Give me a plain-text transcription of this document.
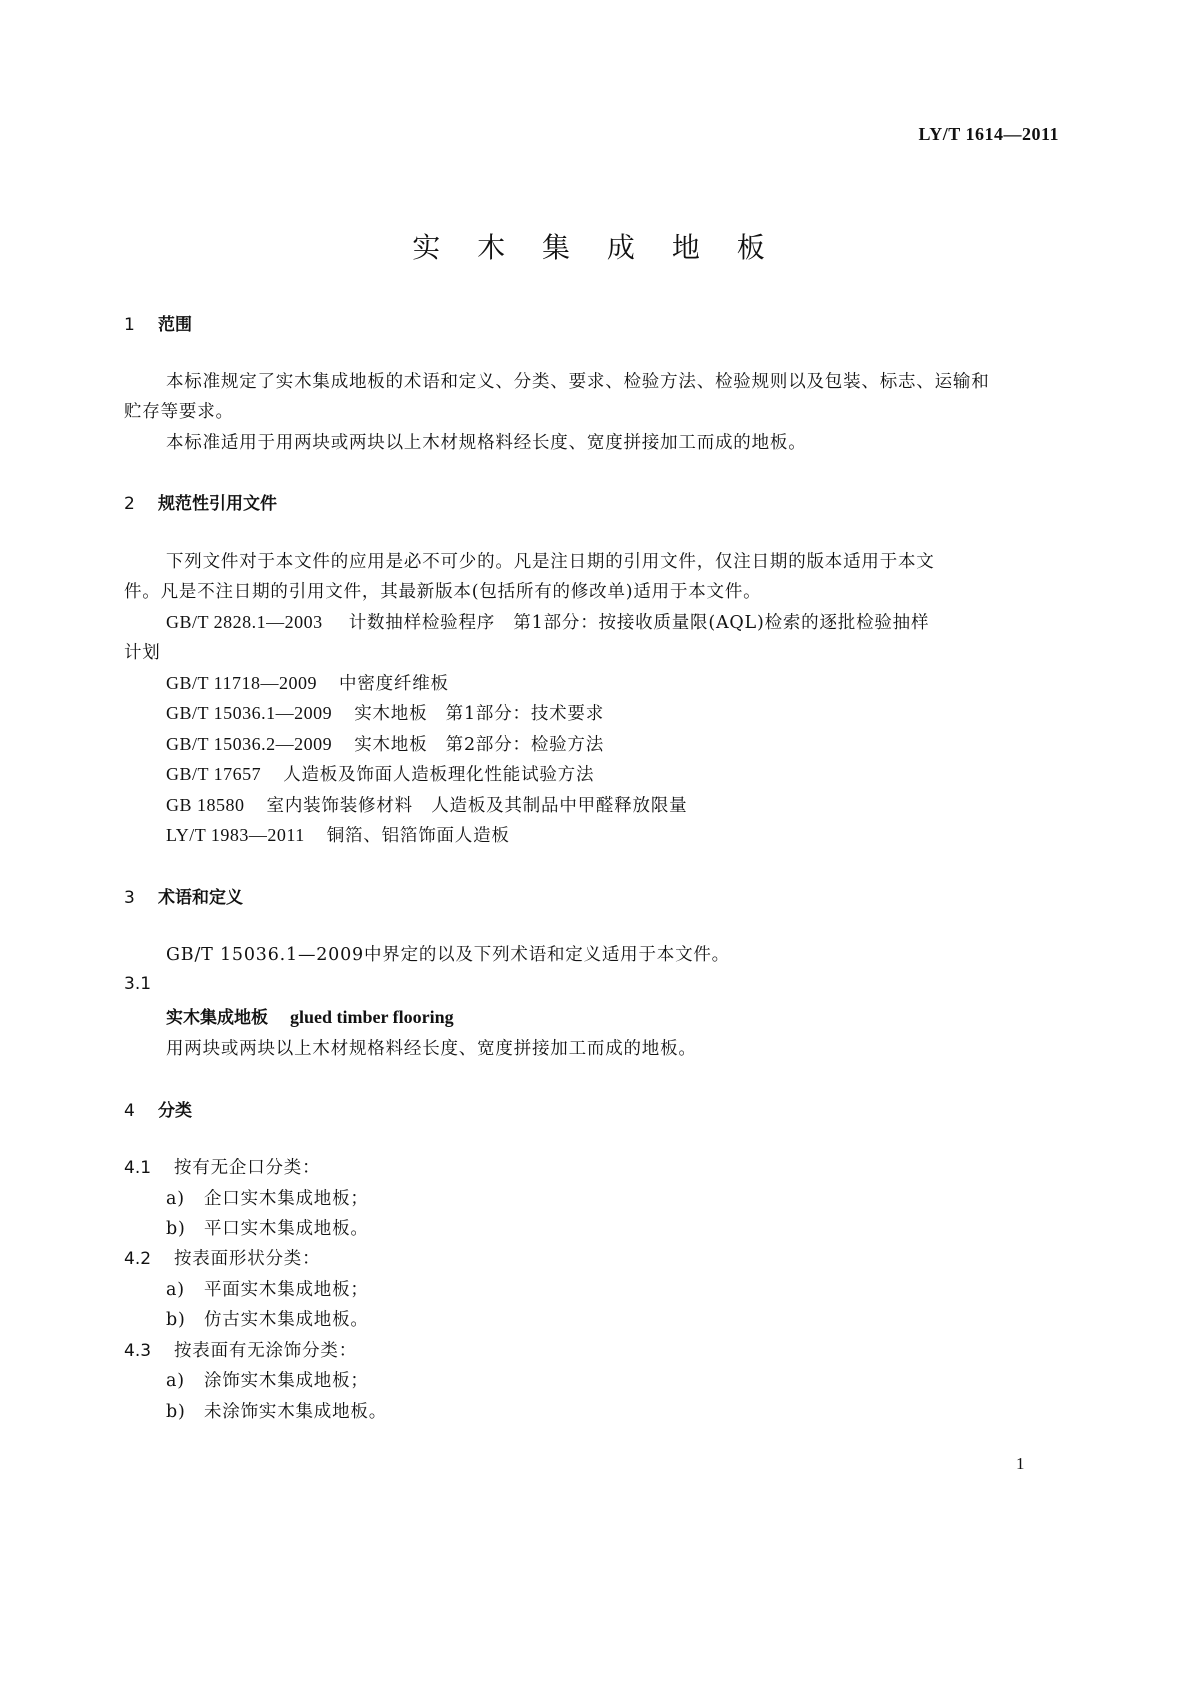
LY/T 1614—2011
实 木 集 成 地 板
1 范围
本标准规定了实木集成地板的术语和定义、分类、要求、检验方法、检验规则以及包装、标志、运输和
贮存等要求。
本标准适用于用两块或两块以上木材规格料经长度、宽度拼接加工而成的地板。
2 规范性引用文件
下列文件对于本文件的应用是必不可少的。凡是注日期的引用文件，仅注日期的版本适用于本文
件。凡是不注日期的引用文件，其最新版本(包括所有的修改单)适用于本文件。
GB/T 2828.1—2003 计数抽样检验程序　第1部分：按接收质量限(AQL)检索的逐批检验抽样
计划
GB/T 11718—2009 中密度纤维板
GB/T 15036.1—2009 实木地板　第1部分：技术要求
GB/T 15036.2—2009 实木地板　第2部分：检验方法
GB/T 17657 人造板及饰面人造板理化性能试验方法
GB 18580 室内装饰装修材料　人造板及其制品中甲醛释放限量
LY/T 1983—2011 铜箔、铝箔饰面人造板
3 术语和定义
GB/T 15036.1—2009中界定的以及下列术语和定义适用于本文件。
3.1
实木集成地板 glued timber flooring
用两块或两块以上木材规格料经长度、宽度拼接加工而成的地板。
4 分类
4.1 按有无企口分类：
a) 企口实木集成地板；
b) 平口实木集成地板。
4.2 按表面形状分类：
a) 平面实木集成地板；
b) 仿古实木集成地板。
4.3 按表面有无涂饰分类：
a) 涂饰实木集成地板；
b) 未涂饰实木集成地板。
1
